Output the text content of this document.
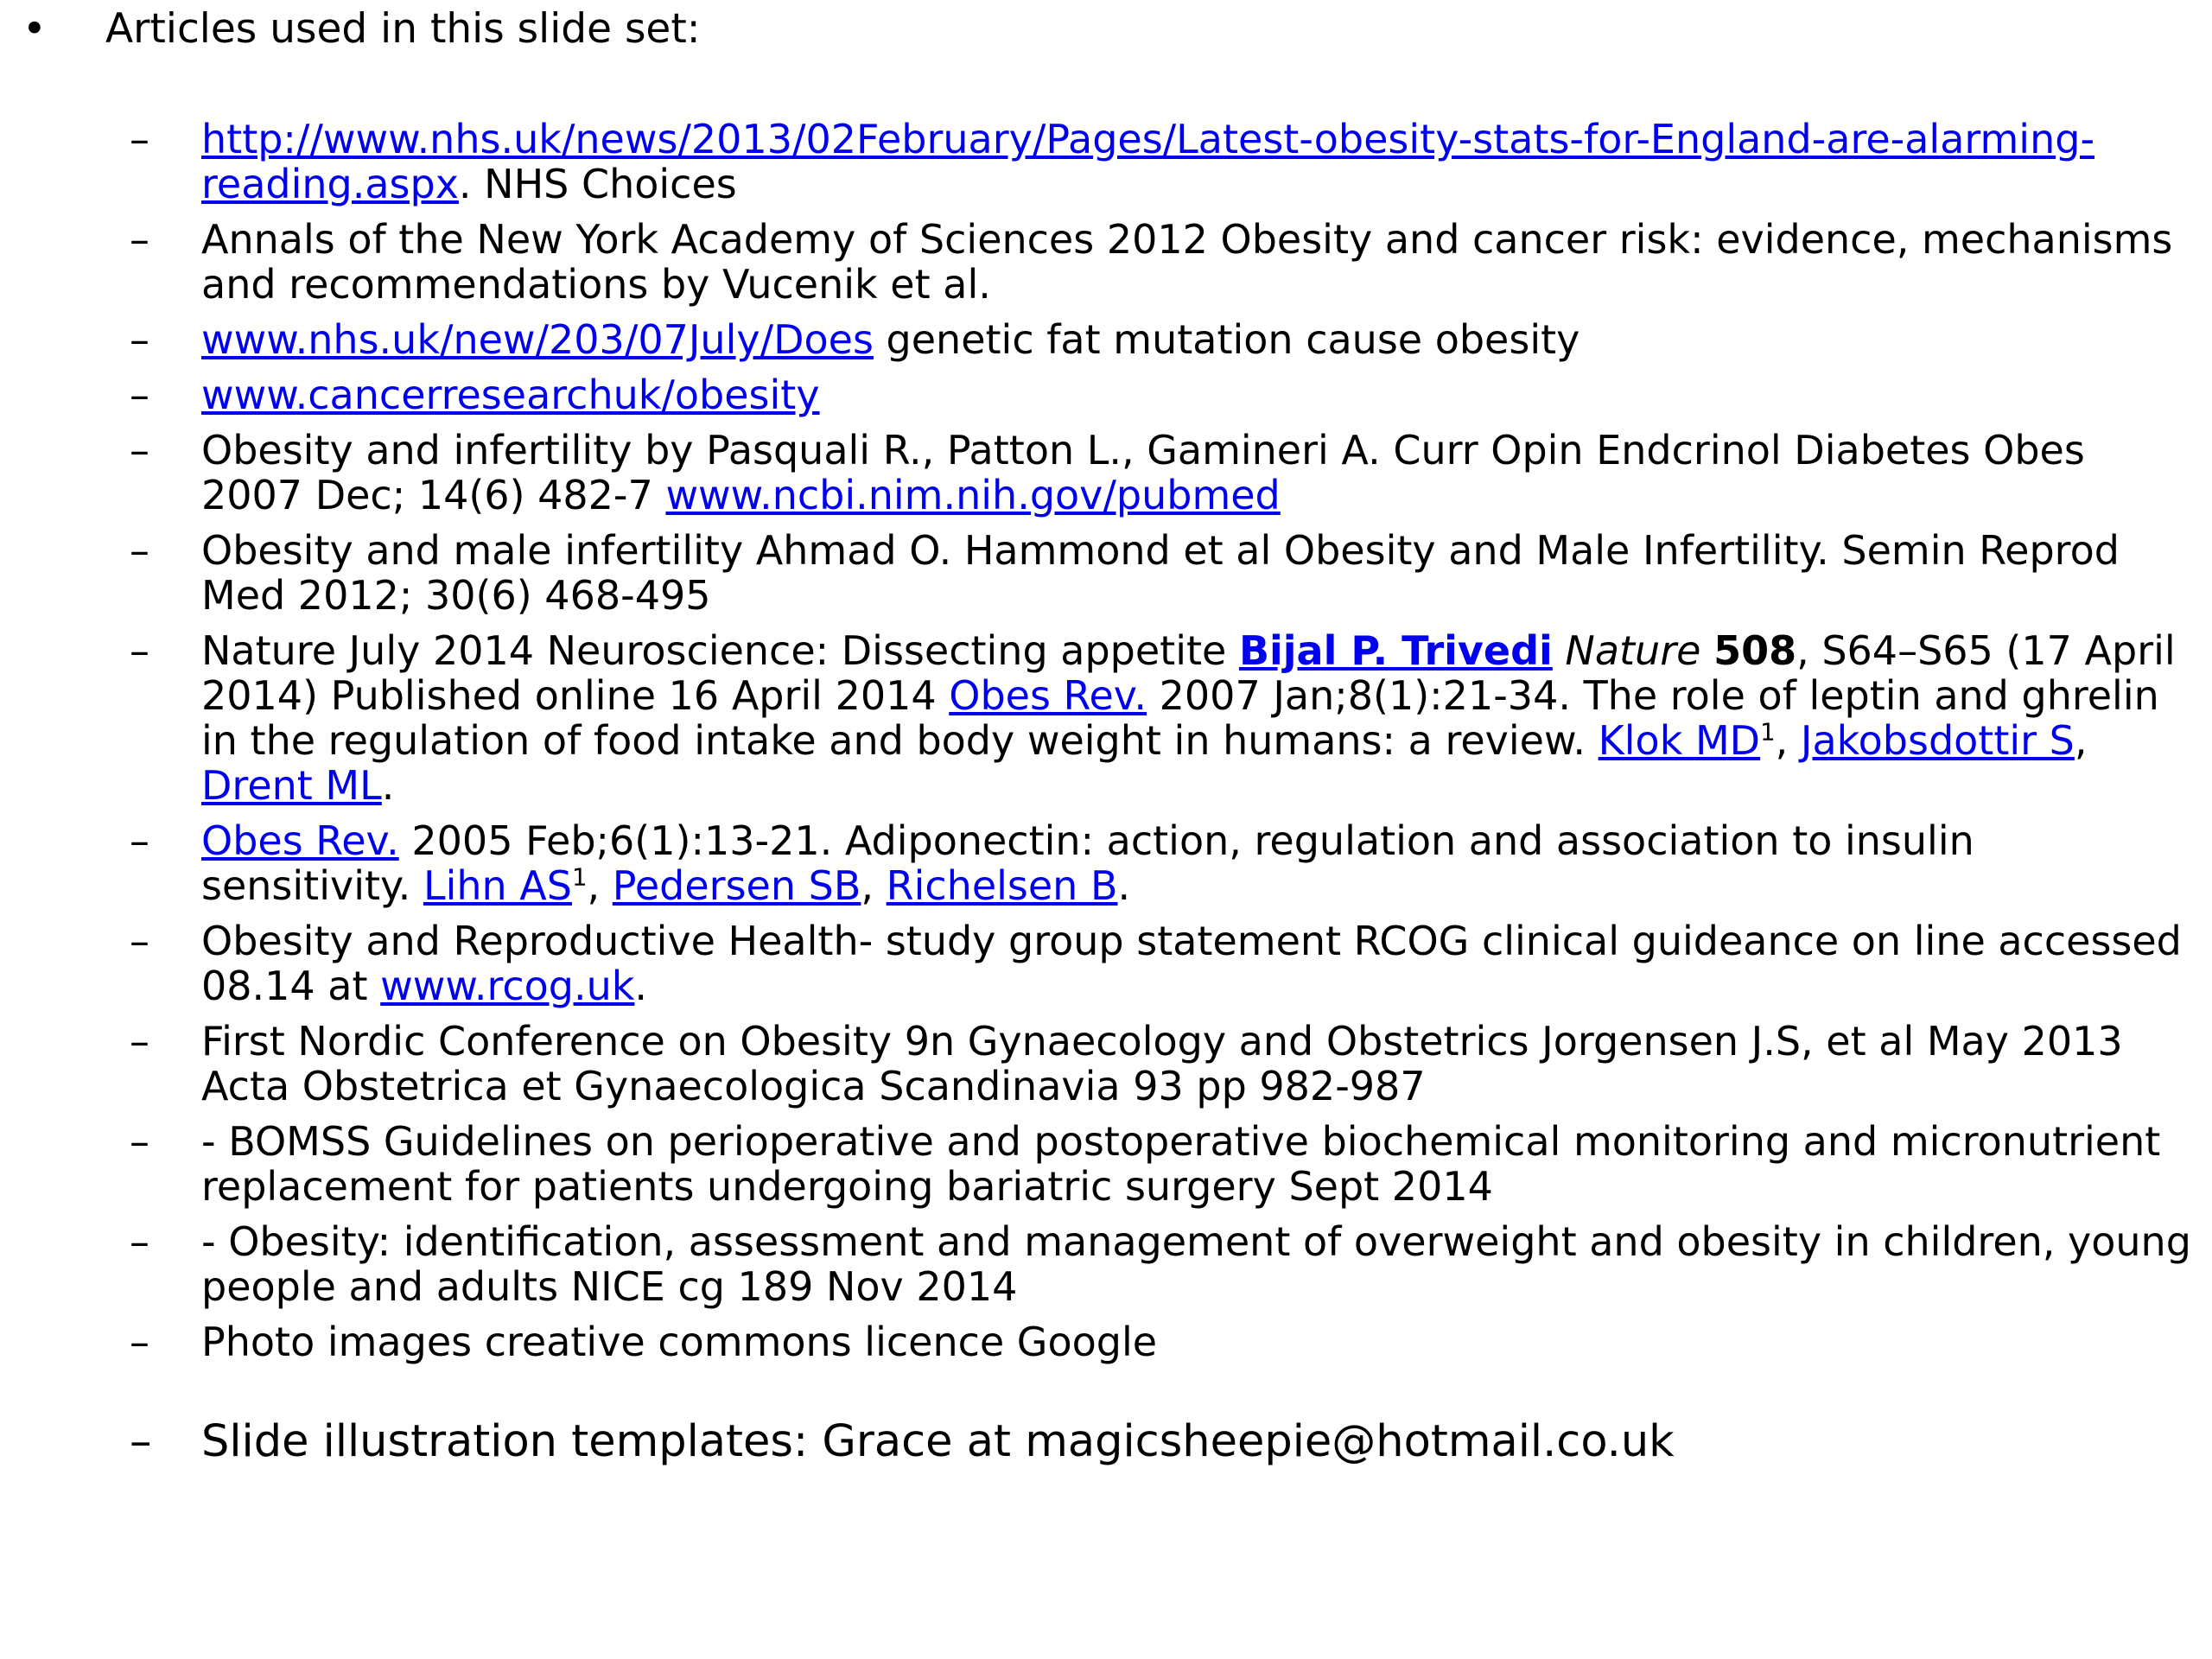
• Articles used in this slide set:
– http://www.nhs.uk/news/2013/02February/Pages/Latest-obesity-stats-for-England-are-alarming-reading.aspx. NHS Choices
– Annals of the New York Academy of Sciences 2012 Obesity and cancer risk: evidence, mechanisms and recommendations by Vucenik et al.
– www.nhs.uk/new/203/07July/Does genetic fat mutation cause obesity
– www.cancerresearchuk/obesity
– Obesity and infertility by Pasquali R., Patton L., Gamineri A. Curr Opin Endcrinol Diabetes Obes 2007 Dec; 14(6) 482-7 www.ncbi.nim.nih.gov/pubmed
– Obesity and male infertility Ahmad O. Hammond et al Obesity and Male Infertility. Semin Reprod Med 2012; 30(6) 468-495
– Nature July 2014 Neuroscience: Dissecting appetite Bijal P. Trivedi Nature 508, S64–S65 (17 April 2014) Published online 16 April 2014 Obes Rev. 2007 Jan;8(1):21-34. The role of leptin and ghrelin in the regulation of food intake and body weight in humans: a review. Klok $MD^1$, Jakobsdottir S, Drent ML.
– Obes Rev. 2005 Feb;6(1):13-21. Adiponectin: action, regulation and association to insulin sensitivity. Lihn $AS^1$, Pedersen SB, Richelsen B.
– Obesity and Reproductive Health- study group statement RCOG clinical guideance on line accessed 08.14 at www.rcog.uk.
– First Nordic Conference on Obesity 9n Gynaecology and Obstetrics Jorgensen J.S, et al May 2013 Acta Obstetrica et Gynaecologica Scandinavia 93 pp 982-987
– - BOMSS Guidelines on perioperative and postoperative biochemical monitoring and micronutrient replacement for patients undergoing bariatric surgery Sept 2014
– - Obesity: identification, assessment and management of overweight and obesity in children, young people and adults NICE cg 189 Nov 2014
– Photo images creative commons licence Google
– Slide illustration templates: Grace at magicsheepie@hotmail.co.uk
